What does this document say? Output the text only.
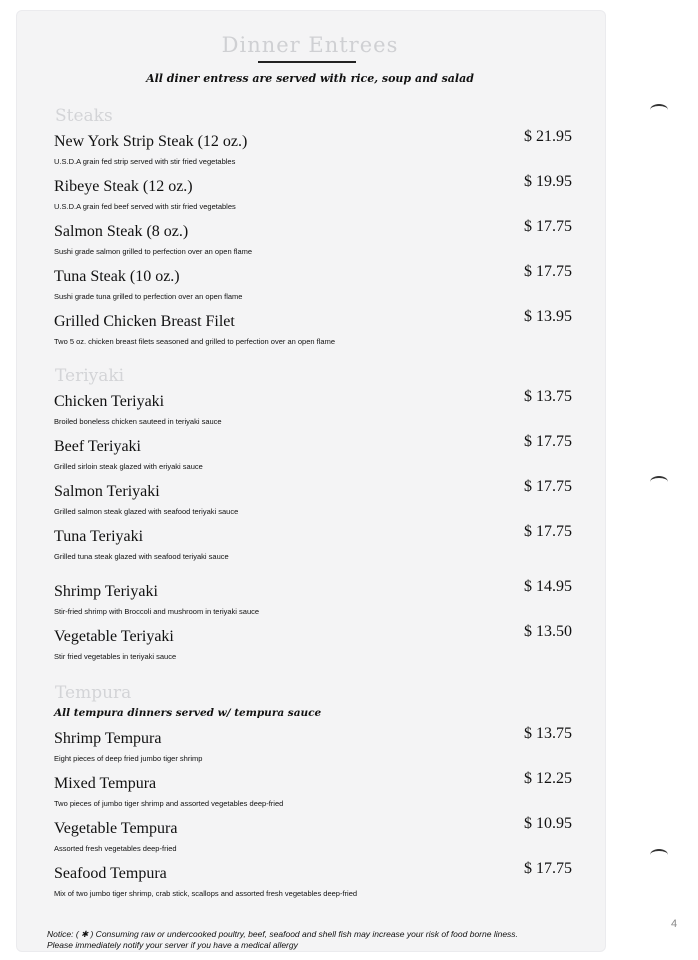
4
Dinner Entrees
All diner entress are served with rice, soup and salad
Steaks
New York Strip Steak (12 oz.)
U.S.D.A grain fed strip served with stir fried vegetables
$ 21.95
Ribeye Steak (12 oz.)
U.S.D.A grain fed beef served with stir fried vegetables
$ 19.95
Salmon Steak (8 oz.)
Sushi grade salmon grilled to perfection over an open flame
$ 17.75
Tuna Steak (10 oz.)
Sushi grade tuna grilled to perfection over an open flame
$ 17.75
Grilled Chicken Breast Filet
Two 5 oz. chicken breast filets seasoned and grilled to perfection over an open flame
$ 13.95
Teriyaki
Chicken Teriyaki
Broiled boneless chicken sauteed in teriyaki sauce
$ 13.75
Beef Teriyaki
Grilled sirloin steak glazed with eriyaki sauce
$ 17.75
Salmon Teriyaki
Grilled salmon steak glazed with seafood teriyaki sauce
$ 17.75
Tuna Teriyaki
Grilled tuna steak glazed with seafood teriyaki sauce
$ 17.75
Shrimp Teriyaki
Stir-fried shrimp with Broccoli and mushroom in teriyaki sauce
$ 14.95
Vegetable Teriyaki
Stir fried vegetables in teriyaki sauce
$ 13.50
Tempura
All tempura dinners served w/ tempura sauce
Shrimp Tempura
Eight pieces of deep fried jumbo tiger shrimp
$ 13.75
Mixed Tempura
Two pieces of jumbo tiger shrimp and assorted vegetables deep-fried
$ 12.25
Vegetable Tempura
Assorted fresh vegetables deep-fried
$ 10.95
Seafood Tempura
Mix of two jumbo tiger shrimp, crab stick, scallops and assorted fresh vegetables deep-fried
$ 17.75
Notice: ( ✱ ) Consuming raw or undercooked poultry, beef, seafood and shell fish may increase your risk of food borne liness.
Please immediately notify your server if you have a medical allergy
